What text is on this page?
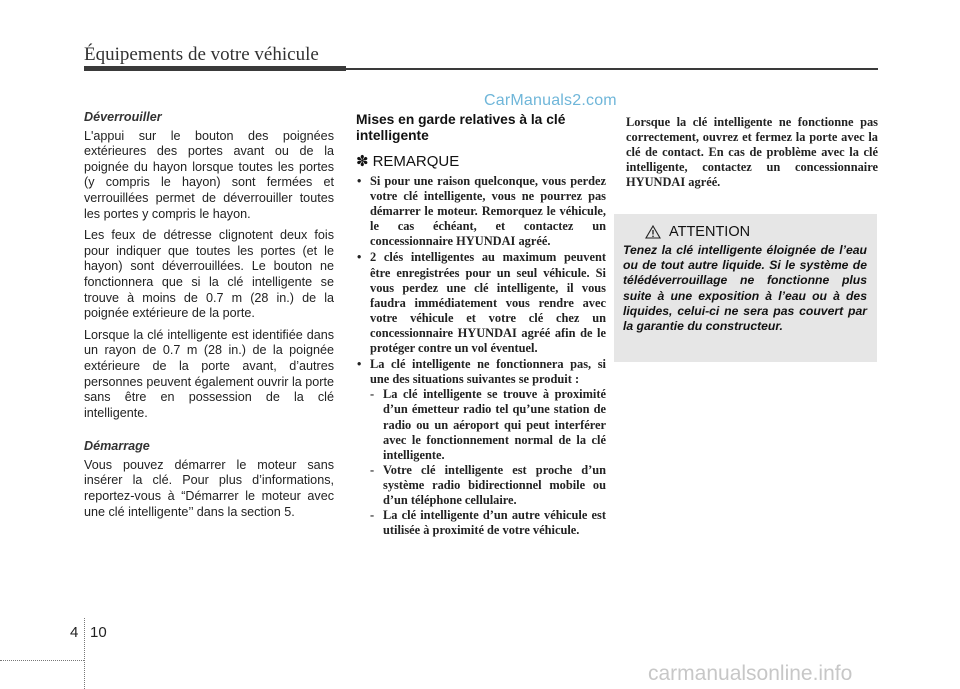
Équipements de votre véhicule
CarManuals2.com
Déverrouiller

L'appui sur le bouton des poignées extérieures des portes avant ou de la poignée du hayon lorsque toutes les portes (y compris le hayon) sont fermées et verrouillées permet de déverrouiller toutes les portes y compris le hayon.

Les feux de détresse clignotent deux fois pour indiquer que toutes les portes (et le hayon) sont déverrouillées. Le bouton ne fonctionnera que si la clé intelligente se trouve à moins de 0.7 m (28 in.) de la poignée extérieure de la porte.

Lorsque la clé intelligente est identifiée dans un rayon de 0.7 m (28 in.) de la poignée extérieure de la porte avant, d’autres personnes peuvent également ouvrir la porte sans être en possession de la clé intelligente.

Démarrage

Vous pouvez démarrer le moteur sans insérer la clé. Pour plus d’informations, reportez-vous à “Démarrer le moteur avec une clé intelligente’’ dans la section 5.

Mises en garde relatives à la clé intelligente
✽ REMARQUE
• Si pour une raison quelconque, vous perdez votre clé intelligente, vous ne pourrez pas démarrer le moteur. Remorquez le véhicule, le cas échéant, et contactez un concessionnaire HYUNDAI agréé.
• 2 clés intelligentes au maximum peuvent être enregistrées pour un seul véhicule. Si vous perdez une clé intelligente, il vous faudra immédiatement vous rendre avec votre véhicule et votre clé chez un concessionnaire HYUNDAI agréé afin de le protéger contre un vol éventuel.
• La clé intelligente ne fonctionnera pas, si une des situations suivantes se produit :
- La clé intelligente se trouve à proximité d’un émetteur radio tel qu’une station de radio ou un aéroport qui peut interférer avec le fonctionnement normal de la clé intelligente.
- Votre clé intelligente est proche d’un système radio bidirectionnel mobile ou d’un téléphone cellulaire.
- La clé intelligente d’un autre véhicule est utilisée à proximité de votre véhicule.

Lorsque la clé intelligente ne fonctionne pas correctement, ouvrez et fermez la porte avec la clé de contact. En cas de problème avec la clé intelligente, contactez un concessionnaire HYUNDAI agréé.

ATTENTION
Tenez la clé intelligente éloignée de l’eau ou de tout autre liquide. Si le système de télédéverrouillage ne fonctionne plus suite à une exposition à l’eau ou à des liquides, celui-ci ne sera pas couvert par la garantie du constructeur.
4 10
carmanualsonline.info
